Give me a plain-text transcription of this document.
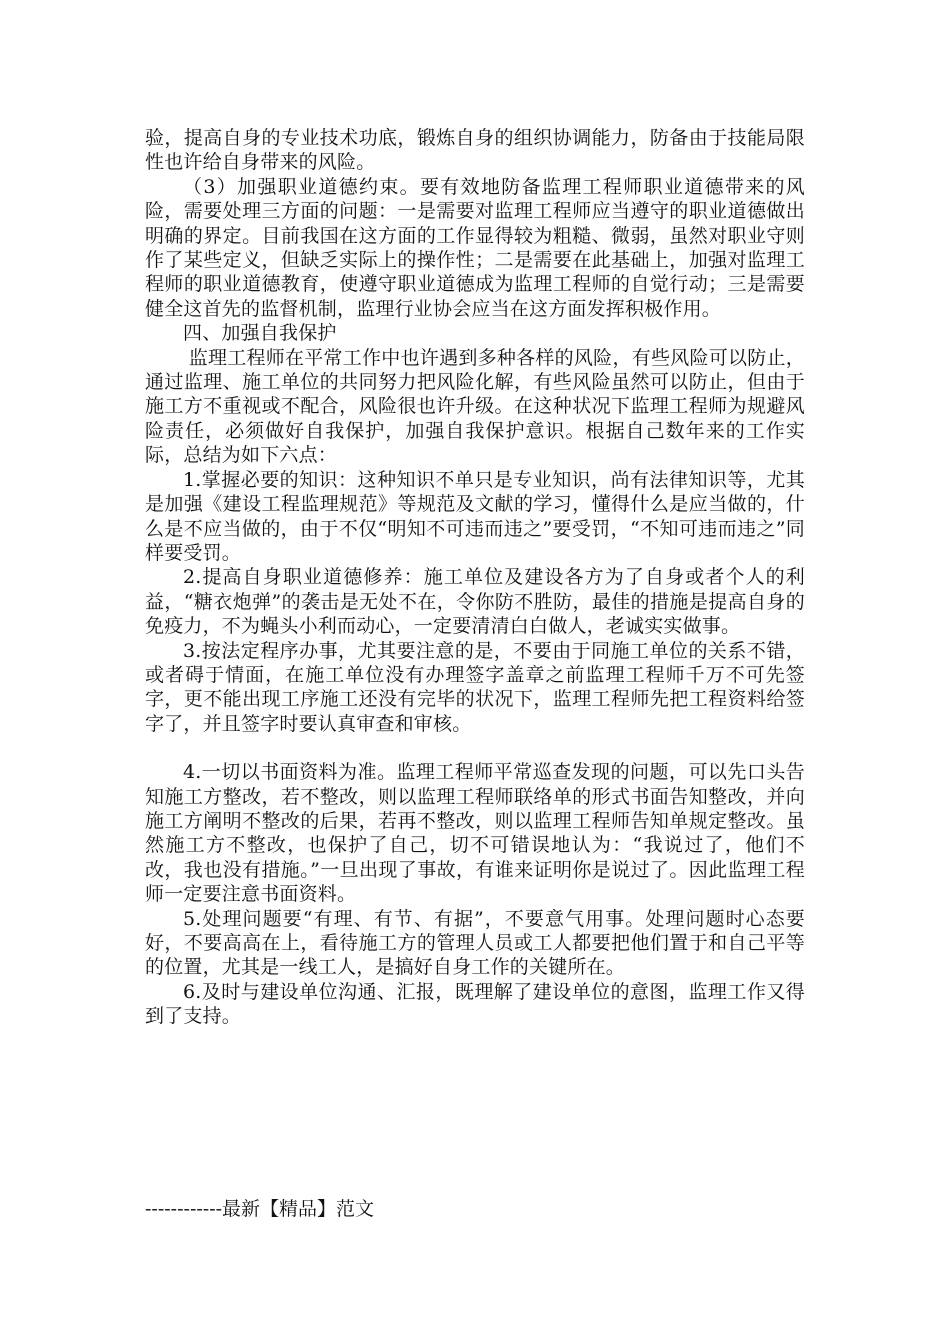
验，提高自身的专业技术功底，锻炼自身的组织协调能力，防备由于技能局限性也许给自身带来的风险。

（3）加强职业道德约束。要有效地防备监理工程师职业道德带来的风险，需要处理三方面的问题：一是需要对监理工程师应当遵守的职业道德做出明确的界定。目前我国在这方面的工作显得较为粗糙、微弱，虽然对职业守则作了某些定义，但缺乏实际上的操作性；二是需要在此基础上，加强对监理工程师的职业道德教育，使遵守职业道德成为监理工程师的自觉行动；三是需要健全这首先的监督机制，监理行业协会应当在这方面发挥积极作用。

四、加强自我保护

监理工程师在平常工作中也许遇到多种各样的风险，有些风险可以防止，通过监理、施工单位的共同努力把风险化解，有些风险虽然可以防止，但由于施工方不重视或不配合，风险很也许升级。在这种状况下监理工程师为规避风险责任，必须做好自我保护，加强自我保护意识。根据自己数年来的工作实际，总结为如下六点：

1.掌握必要的知识：这种知识不单只是专业知识，尚有法律知识等，尤其是加强《建设工程监理规范》等规范及文献的学习，懂得什么是应当做的，什么是不应当做的，由于不仅“明知不可违而违之”要受罚，“不知可违而违之”同样要受罚。

2.提高自身职业道德修养：施工单位及建设各方为了自身或者个人的利益，“糖衣炮弹”的袭击是无处不在，令你防不胜防，最佳的措施是提高自身的免疫力，不为蝇头小利而动心，一定要清清白白做人，老诚实实做事。

3.按法定程序办事，尤其要注意的是，不要由于同施工单位的关系不错，或者碍于情面，在施工单位没有办理签字盖章之前监理工程师千万不可先签字，更不能出现工序施工还没有完毕的状况下，监理工程师先把工程资料给签字了，并且签字时要认真审查和审核。

4.一切以书面资料为准。监理工程师平常巡查发现的问题，可以先口头告知施工方整改，若不整改，则以监理工程师联络单的形式书面告知整改，并向施工方阐明不整改的后果，若再不整改，则以监理工程师告知单规定整改。虽然施工方不整改，也保护了自己，切不可错误地认为：“我说过了，他们不改，我也没有措施。”一旦出现了事故，有谁来证明你是说过了。因此监理工程师一定要注意书面资料。

5.处理问题要“有理、有节、有据”，不要意气用事。处理问题时心态要好，不要高高在上，看待施工方的管理人员或工人都要把他们置于和自己平等的位置，尤其是一线工人，是搞好自身工作的关键所在。

6.及时与建设单位沟通、汇报，既理解了建设单位的意图，监理工作又得到了支持。

------------最新【精品】范文
